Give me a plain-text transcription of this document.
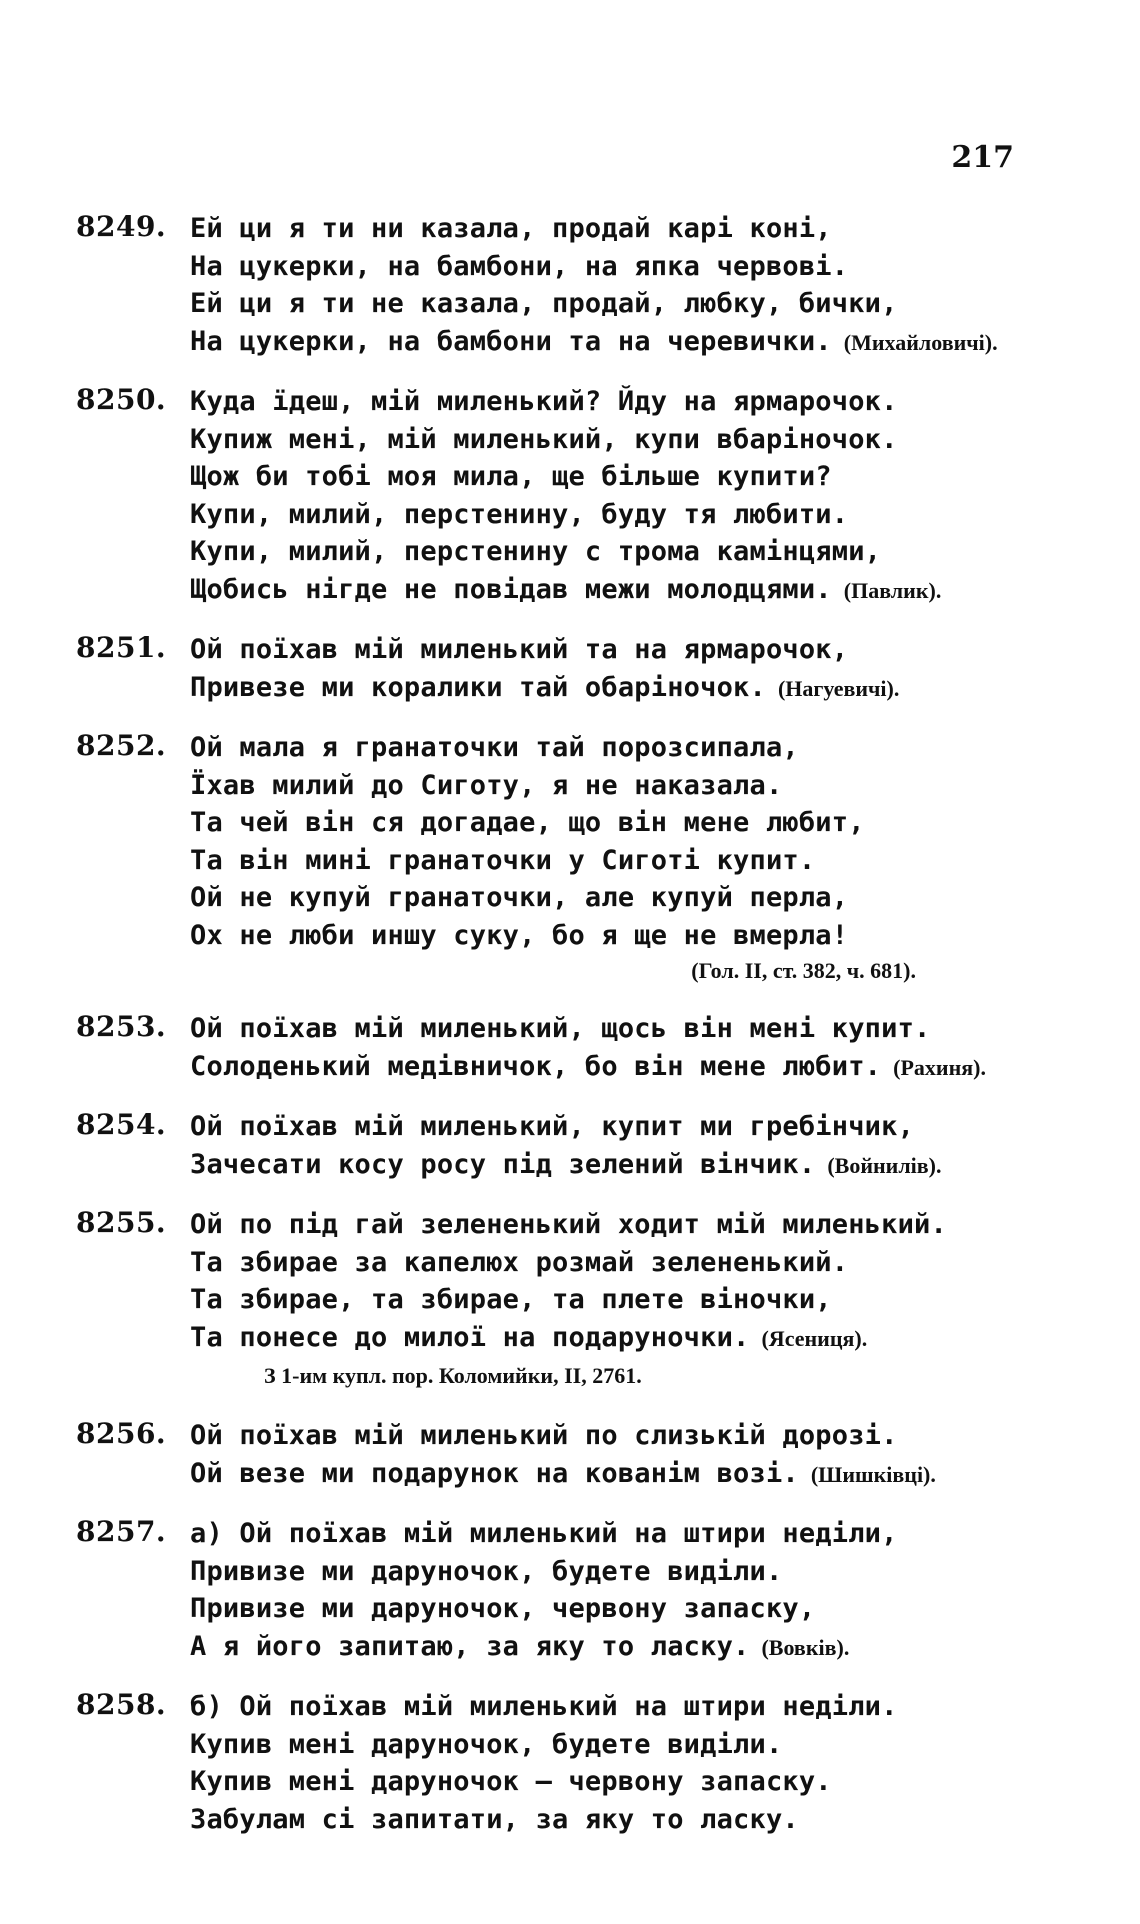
217
8249. Ей ци я ти ни казала, продай карі коні,
На цукерки, на бамбони, на япка червові.
Ей ци я ти не казала, продай, любку, бички,
На цукерки, на бамбони та на черевички. (Михайловичі).
8250. Куда їдеш, мій миленький? Йду на ярмарочок.
Купиж мені, мій миленький, купи вбаріночок.
Щож би тобі моя мила, ще більше купити?
Купи, милий, перстенину, буду тя любити.
Купи, милий, перстенину с трома камінцями,
Щобись нігде не повідав межи молодцями. (Павлик).
8251. Ой поїхав мій миленький та на ярмарочок,
Привезе ми коралики тай обаріночок. (Нагуевичі).
8252. Ой мала я гранаточки тай порозсипала,
Їхав милий до Сиготу, я не наказала.
Та чей він ся догадае, що він мене любит,
Та він мині гранаточки у Сиготі купит.
Ой не купуй гранаточки, але купуй перла,
Ох не люби иншу суку, бо я ще не вмерла!
(Гол. II, ст. 382, ч. 681).
8253. Ой поїхав мій миленький, щось він мені купит.
Солоденький медівничок, бо він мене любит. (Рахиня).
8254. Ой поїхав мій миленький, купит ми гребінчик,
Зачесати косу росу під зелений вінчик. (Войнилів).
8255. Ой по під гай зелененький ходит мій миленький.
Та збирае за капелюх розмай зелененький.
Та збирае, та збирае, та плете віночки,
Та понесе до милої на подаруночки. (Ясениця).
З 1-им купл. пор. Коломийки, II, 2761.
8256. Ой поїхав мій миленький по слизькій дорозі.
Ой везе ми подарунок на кованім возі. (Шишківці).
8257. а) Ой поїхав мій миленький на штири неділи,
Привизе ми даруночок, будете виділи.
Привизе ми даруночок, червону запаску,
А я його запитаю, за яку то ласку. (Вовків).
8258. б) Ой поїхав мій миленький на штири неділи.
Купив мені даруночок, будете виділи.
Купив мені даруночок — червону запаску.
Забулам сі запитати, за яку то ласку.
